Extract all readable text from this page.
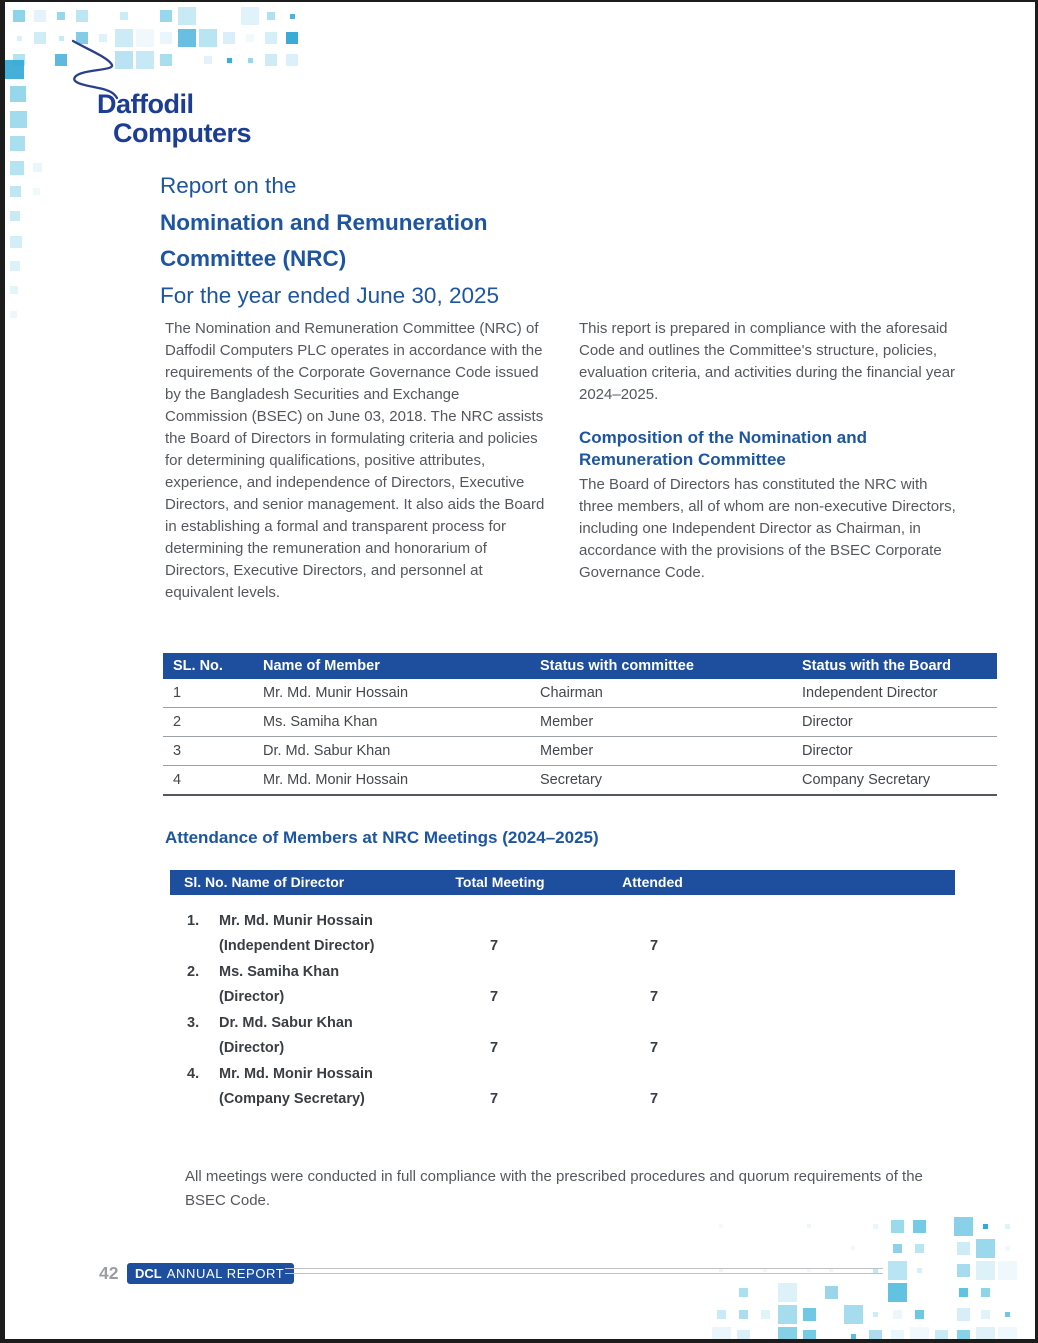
Daffodil
Computers
Report on the
Nomination and Remuneration
Committee (NRC)
For the year ended June 30, 2025

The Nomination and Remuneration Committee (NRC) of Daffodil Computers PLC operates in accordance with the requirements of the Corporate Governance Code issued by the Bangladesh Securities and Exchange Commission (BSEC) on June 03, 2018. The NRC assists the Board of Directors in formulating criteria and policies for determining qualifications, positive attributes, experience, and independence of Directors, Executive Directors, and senior management. It also aids the Board in establishing a formal and transparent process for determining the remuneration and honorarium of Directors, Executive Directors, and personnel at equivalent levels.

This report is prepared in compliance with the aforesaid Code and outlines the Committee's structure, policies, evaluation criteria, and activities during the financial year 2024–2025.

Composition of the Nomination and Remuneration Committee

The Board of Directors has constituted the NRC with three members, all of whom are non-executive Directors, including one Independent Director as Chairman, in accordance with the provisions of the BSEC Corporate Governance Code.

SL. No.	Name of Member	Status with committee	Status with the Board
1	Mr. Md. Munir Hossain	Chairman	Independent Director
2	Ms. Samiha Khan	Member	Director
3	Dr. Md. Sabur Khan	Member	Director
4	Mr. Md. Monir Hossain	Secretary	Company Secretary
Attendance of Members at NRC Meetings (2024–2025)
Sl. No. Name of Director	Total Meeting	Attended
1.	Mr. Md. Munir Hossain
(Independent Director)	7	7
2.	Ms. Samiha Khan
(Director)	7	7
3.	Dr. Md. Sabur Khan
(Director)	7	7
4.	Mr. Md. Monir Hossain
(Company Secretary)	7	7

All meetings were conducted in full compliance with the prescribed procedures and quorum requirements of the BSEC Code.

42	DCL ANNUAL REPORT
